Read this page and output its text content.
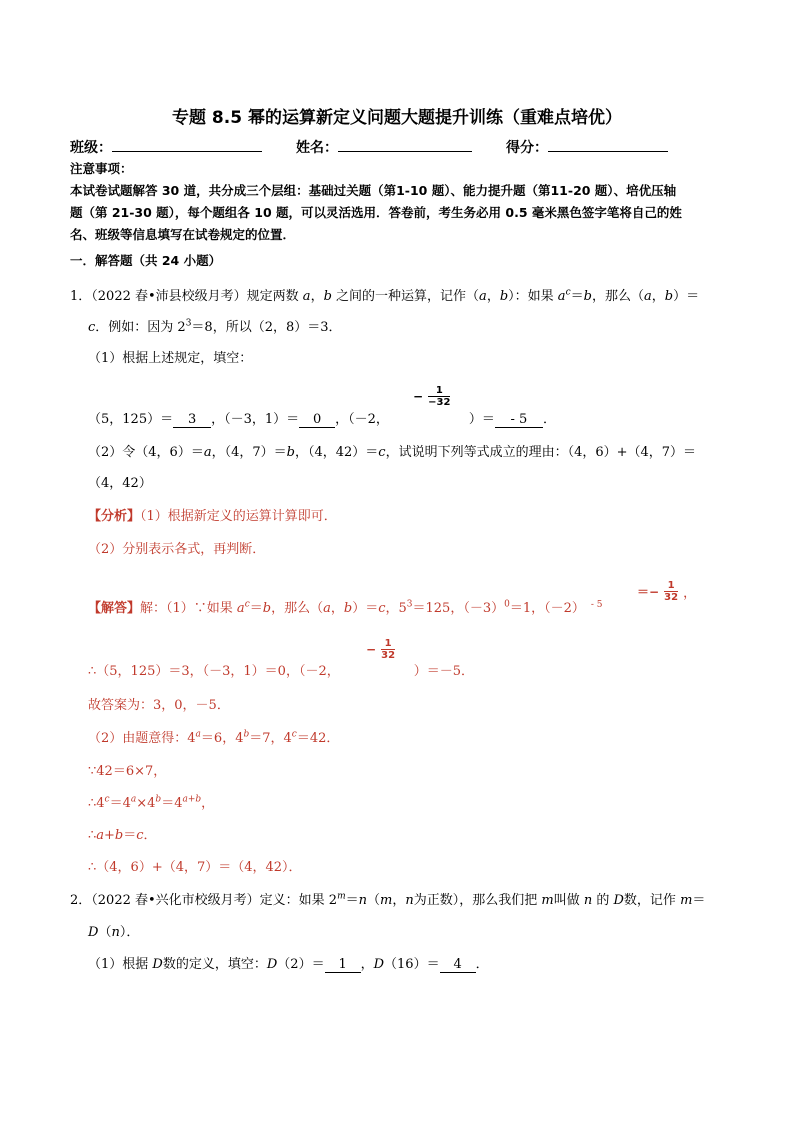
专题 8.5 幂的运算新定义问题大题提升训练（重难点培优）
班级：	姓名：	得分：
注意事项：
本试卷试题解答 30 道，共分成三个层组：基础过关题（第1-10 题）、能力提升题（第11-20 题）、培优压轴
题（第 21-30 题），每个题组各 10 题，可以灵活选用．答卷前，考生务必用 0.5 毫米黑色签字笔将自己的姓
名、班级等信息填写在试卷规定的位置．
一．解答题（共 24 小题）
1．（2022 春•沛县校级月考）规定两数 a，b 之间的一种运算，记作（a，b）：如果 $a^c=b$，那么（a，b）＝
c．例如：因为 $2^3=8$，所以（2，8）＝3．
（1）根据上述规定，填空：
（5，125）＝ 3 ，（－3，1）＝ 0 ，（－2，	）＝ - 5 ．
− $\frac{1}{-32}$
（2）令（4，6）＝a，（4，7）＝b，（4，42）＝c，试说明下列等式成立的理由：（4，6）+（4，7）＝
（4，42）
【分析】（1）根据新定义的运算计算即可．
（2）分别表示各式，再判断．
【解答】解：（1）∵如果 $a^c=b$，那么（a，b）＝c，$5^3=125$，$(-3)^0=1$，（－2） $^{- 5}$
＝− $\frac{1}{32}$ ，
∴（5，125）＝3，（－3，1）＝0，（－2，	）＝－5．
− $\frac{1}{32}$
故答案为：3，0，－5．
（2）由题意得：$4^a=6$，$4^b=7$，$4^c=42$．
∵42＝6×7，
$\therefore 4^c=4^a\times 4^b=4^{a+b}$，
∴a+b＝c．
∴（4，6）+（4，7）＝（4，42）．
2．（2022 春•兴化市校级月考）定义：如果 $2^m=n(m$，n为正数），那么我们把 m叫做 n 的 D数，记作 m＝
D（n）．
（1）根据 D数的定义，填空：D（2）＝ 1 ，D（16）＝ 4 ．
